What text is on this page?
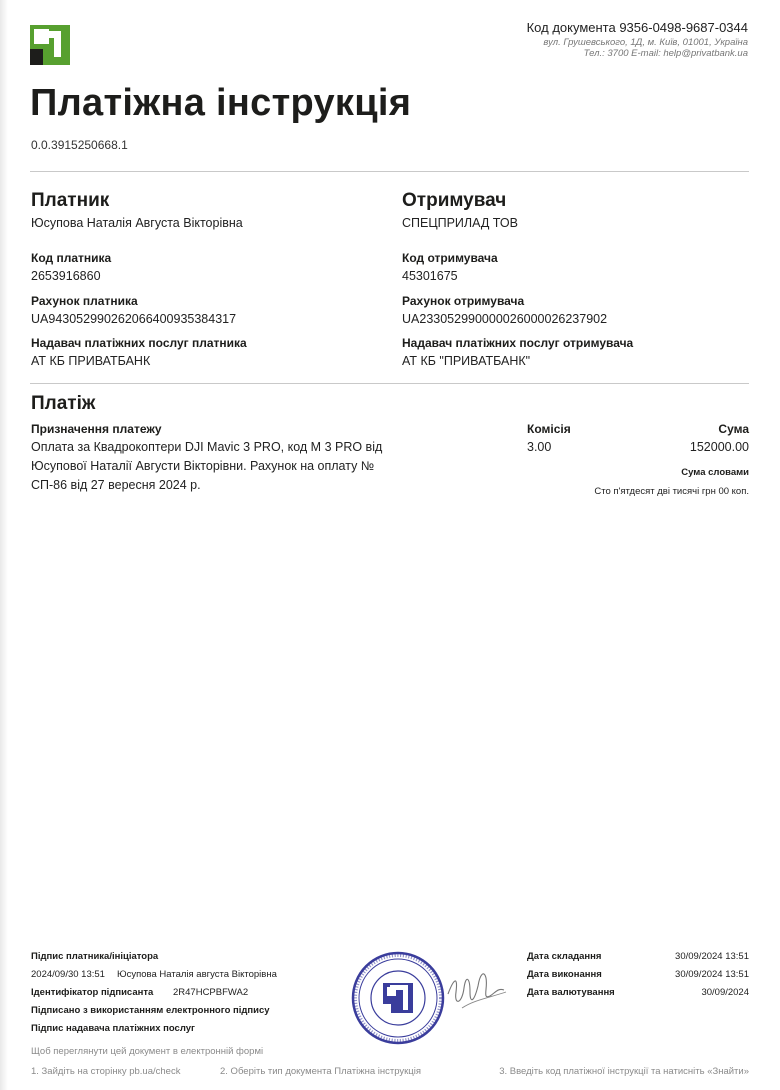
Код документа 9356-0498-9687-0344
вул. Грушевського, 1Д, м. Київ, 01001, Україна
Тел.: 3700 E-mail: help@privatbank.ua
Платіжна інструкція
0.0.3915250668.1
Платник
Юсупова Наталія Августа Вікторівна
Код платника
2653916860
Рахунок платника
UA943052990262066400935384317
Надавач платіжних послуг платника
АТ КБ ПРИВАТБАНК
Отримувач
СПЕЦПРИЛАД ТОВ
Код отримувача
45301675
Рахунок отримувача
UA233052990000026000026237902
Надавач платіжних послуг отримувача
АТ КБ "ПРИВАТБАНК"
Платіж
Призначення платежу
Оплата за Квадрокоптери DJI Mavic 3 PRO, код М 3 PRO від Юсупової Наталії Августи Вікторівни. Рахунок на оплату № СП-86 від 27 вересня 2024 р.
Комісія
3.00
Сума
152000.00
Сума словами
Сто п'ятдесят дві тисячі грн 00 коп.
Підпис платника/ініціатора
2024/09/30 13:51 Юсупова Наталія августа Вікторівна
Ідентифікатор підписанта 2R47HCPBFWA2
Підписано з використанням електронного підпису
Підпис надавача платіжних послуг
Дата складання	30/09/2024 13:51
Дата виконання	30/09/2024 13:51
Дата валютування	30/09/2024
Щоб переглянути цей документ в електронній формі
1. Зайдіть на сторінку pb.ua/check	2. Оберіть тип документа Платіжна інструкція	3. Введіть код платіжної інструкції та натисніть «Знайти»
